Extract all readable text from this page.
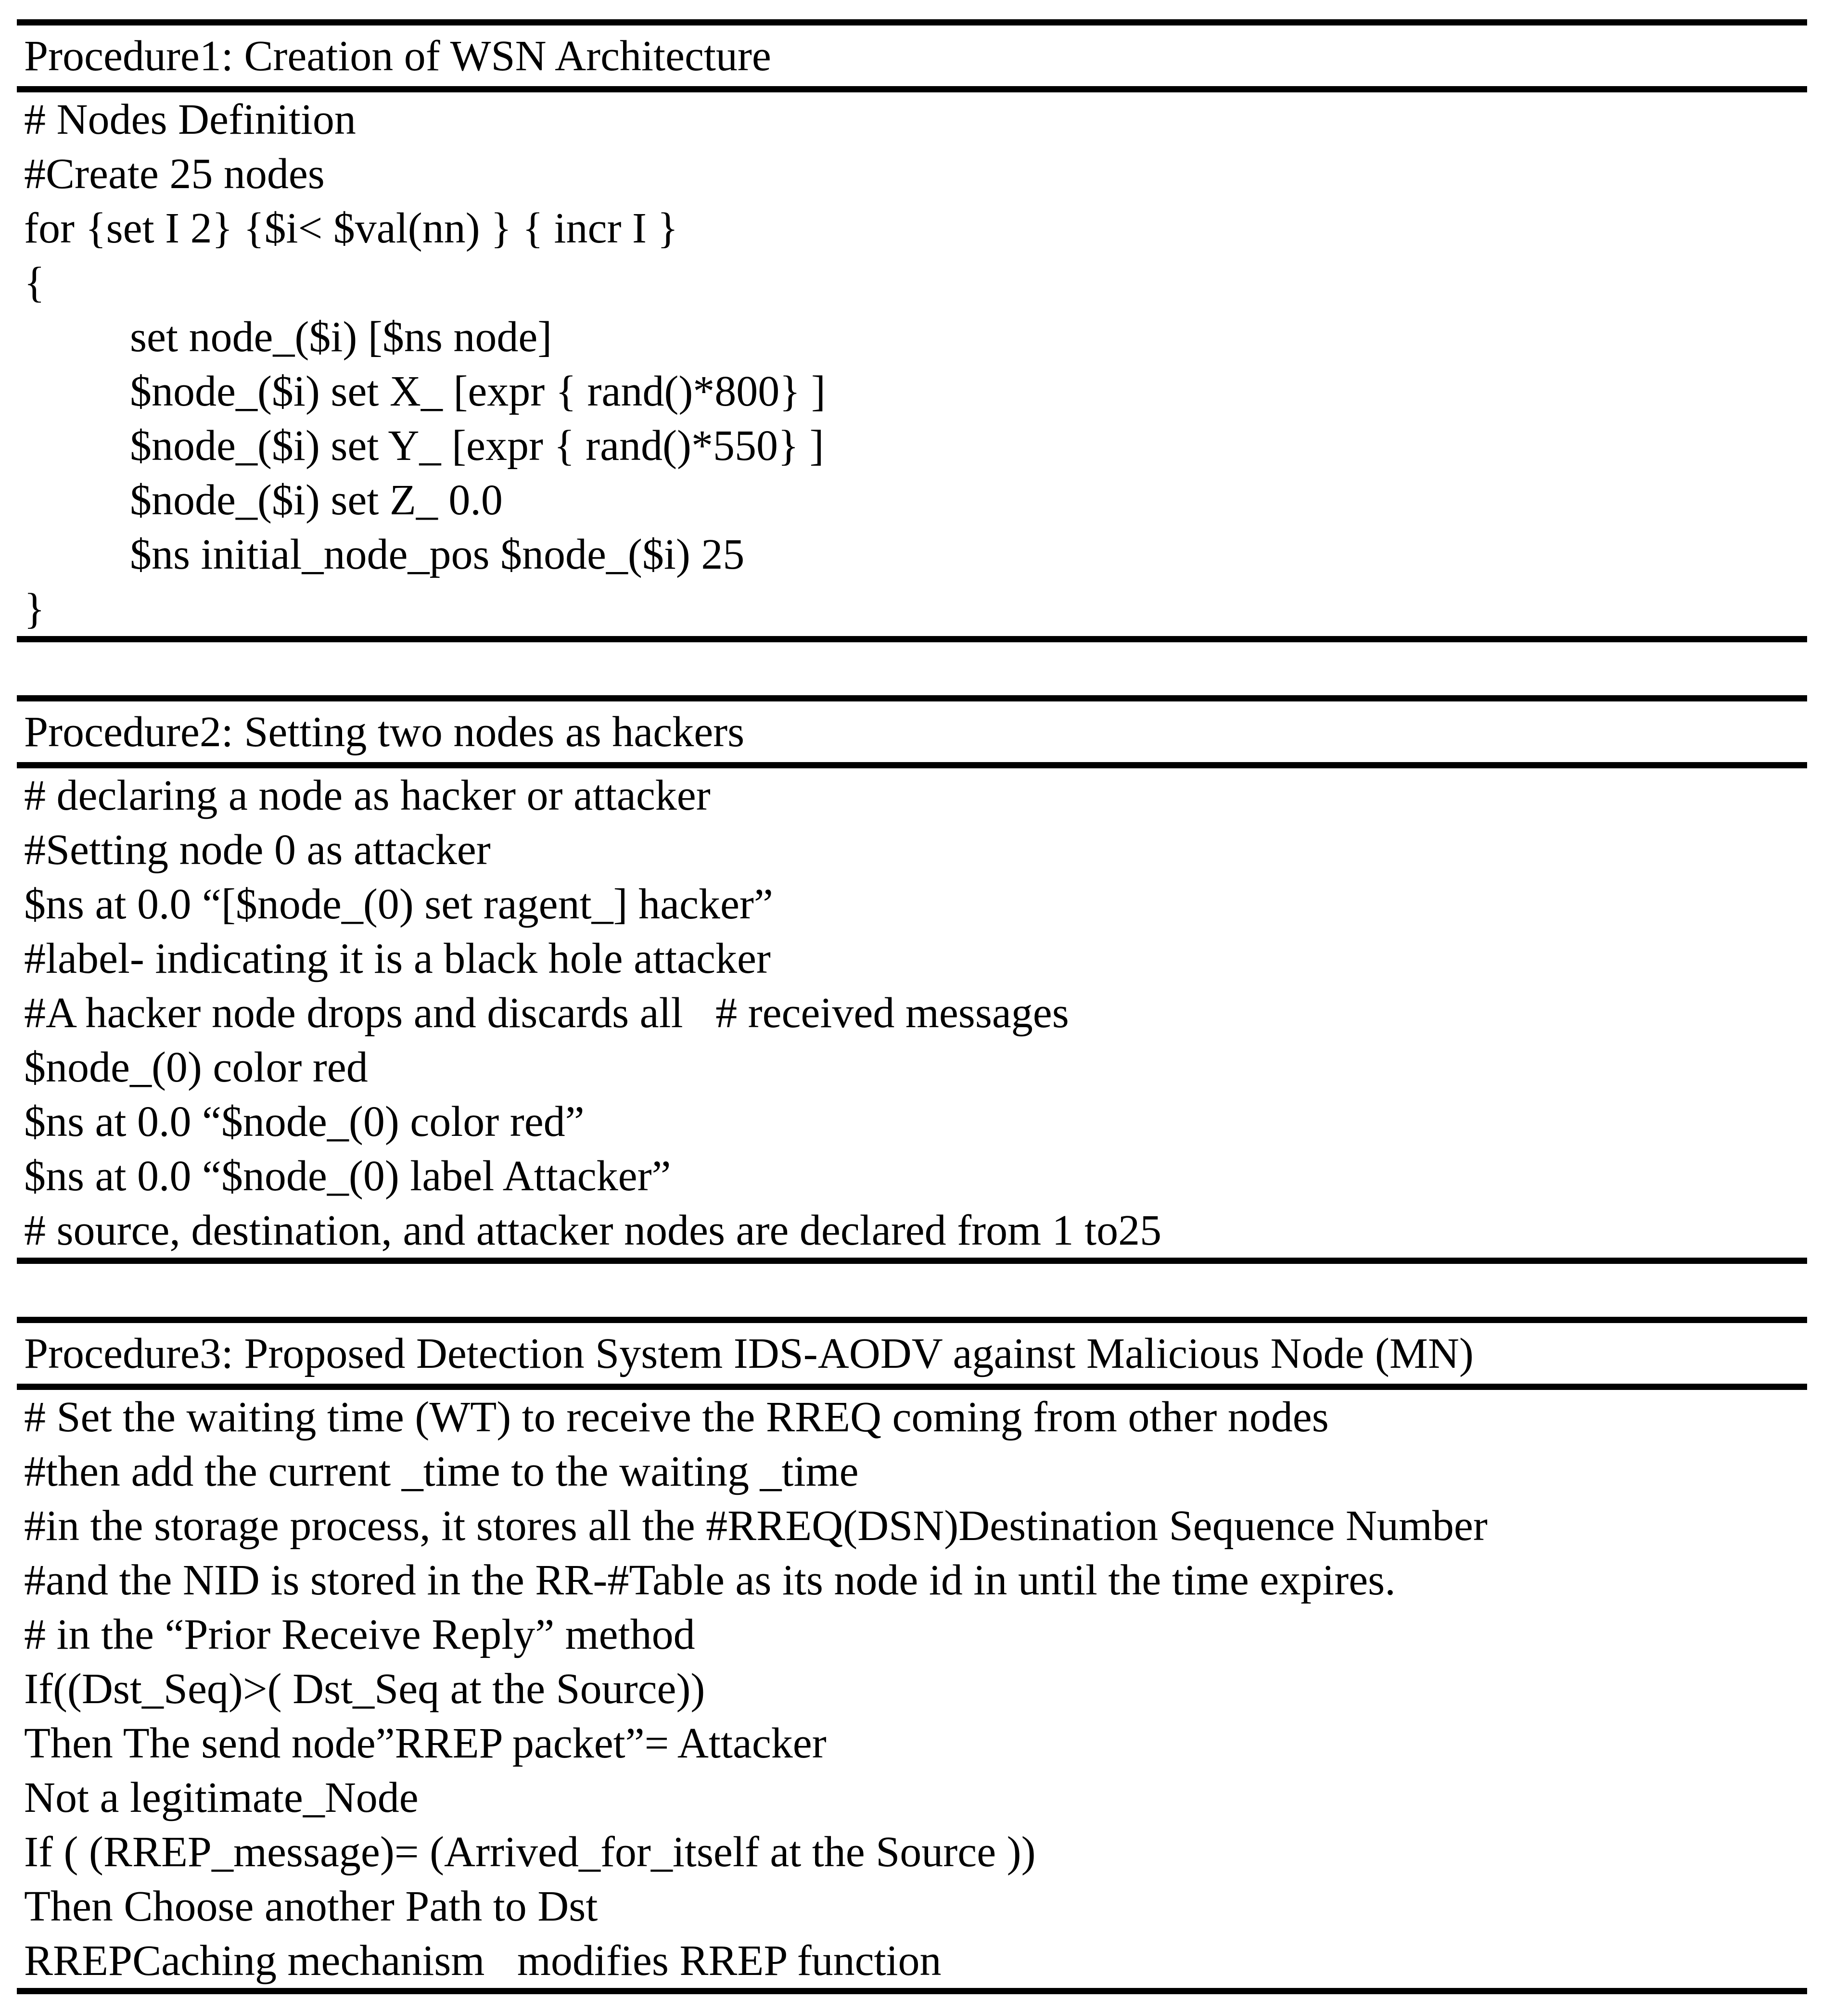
Procedure1: Creation of WSN Architecture
# Nodes Definition
#Create 25 nodes
for {set I 2} {$i< $val(nn) } { incr I }
{
set node_($i) [$ns node]
$node_($i) set X_ [expr { rand()*800} ]
$node_($i) set Y_ [expr { rand()*550} ]
$node_($i) set Z_ 0.0
$ns initial_node_pos $node_($i) 25
}
Procedure2: Setting two nodes as hackers
# declaring a node as hacker or attacker
#Setting node 0 as attacker
$ns at 0.0 “[$node_(0) set ragent_] hacker”
#label- indicating it is a black hole attacker
#A hacker node drops and discards all   # received messages
$node_(0) color red
$ns at 0.0 “$node_(0) color red”
$ns at 0.0 “$node_(0) label Attacker”
# source, destination, and attacker nodes are declared from 1 to25
Procedure3: Proposed Detection System IDS-AODV against Malicious Node (MN)
# Set the waiting time (WT) to receive the RREQ coming from other nodes
#then add the current _time to the waiting _time
#in the storage process, it stores all the #RREQ(DSN)Destination Sequence Number
#and the NID is stored in the RR-#Table as its node id in until the time expires.
# in the “Prior Receive Reply” method
If((Dst_Seq)>( Dst_Seq at the Source))
Then The send node”RREP packet”= Attacker
Not a legitimate_Node
If ( (RREP_message)= (Arrived_for_itself at the Source ))
Then Choose another Path to Dst
RREPCaching mechanism   modifies RREP function
